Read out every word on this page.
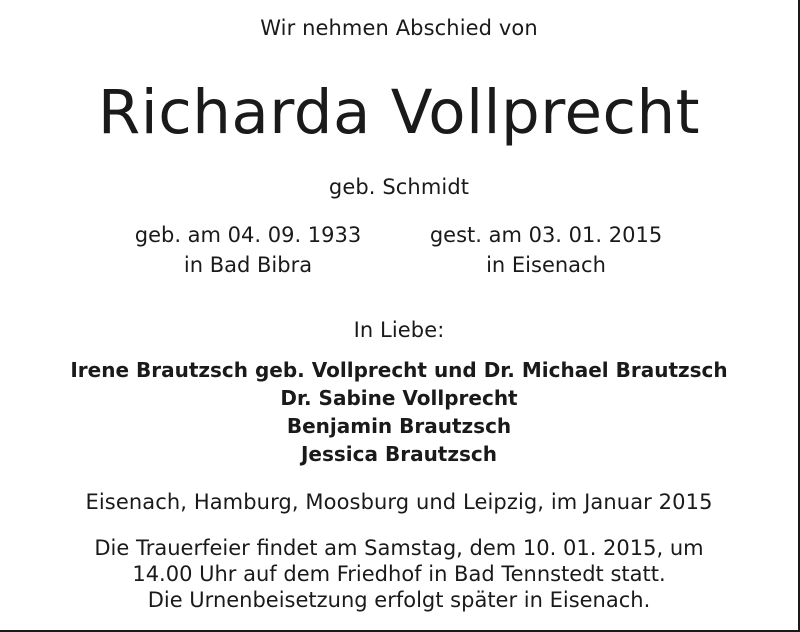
Wir nehmen Abschied von
Richarda Vollprecht
geb. Schmidt
geb. am 04. 09. 1933
in Bad Bibra
gest. am 03. 01. 2015
in Eisenach
In Liebe:
Irene Brautzsch geb. Vollprecht und Dr. Michael Brautzsch
Dr. Sabine Vollprecht
Benjamin Brautzsch
Jessica Brautzsch
Eisenach, Hamburg, Moosburg und Leipzig, im Januar 2015
Die Trauerfeier findet am Samstag, dem 10. 01. 2015, um
14.00 Uhr auf dem Friedhof in Bad Tennstedt statt.
Die Urnenbeisetzung erfolgt später in Eisenach.
